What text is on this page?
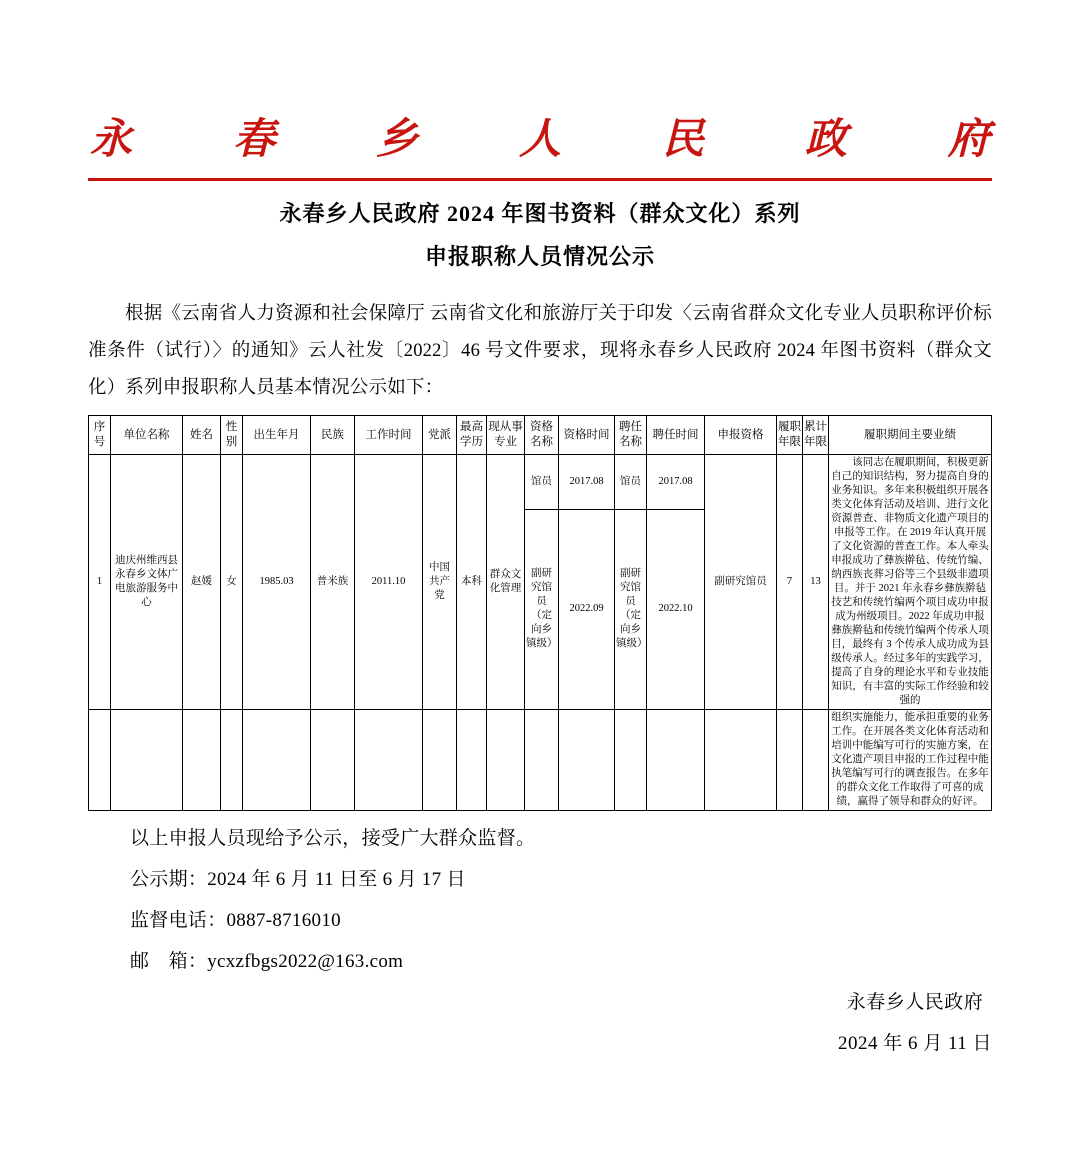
永 春 乡 人 民 政 府
永春乡人民政府 2024 年图书资料（群众文化）系列
申报职称人员情况公示
根据《云南省人力资源和社会保障厅 云南省文化和旅游厅关于印发〈云南省群众文化专业人员职称评价标准条件（试行）〉的通知》云人社发〔2022〕46 号文件要求，现将永春乡人民政府 2024 年图书资料（群众文化）系列申报职称人员基本情况公示如下：
序号	单位名称	姓名	性别	出生年月	民族	工作时间	党派	最高学历	现从事专业	资格名称	资格时间	聘任名称	聘任时间	申报资格	履职年限	累计年限	履职期间主要业绩
1	迪庆州维西县永春乡文体广电旅游服务中心	赵媛	女	1985.03	普米族	2011.10	中国共产党	本科	群众文化管理	馆员	2017.08	馆员	2017.08	副研究馆员	7	13	该同志在履职期间，积极更新自己的知识结构，努力提高自身的业务知识。多年来积极组织开展各类文化体育活动及培训、进行文化资源普查、非物质文化遗产项目的申报等工作。在 2019 年认真开展了文化资源的普查工作。本人牵头申报成功了彝族擀毡、传统竹编、纳西族丧葬习俗等三个县级非遗项目。并于 2021 年永春乡彝族擀毡技艺和传统竹编两个项目成功申报成为州级项目。2022 年成功申报彝族擀毡和传统竹编两个传承人项目，最终有 3 个传承人成功成为县级传承人。经过多年的实践学习，提高了自身的理论水平和专业技能知识，有丰富的实际工作经验和较强的
										副研究馆员（定向乡镇级）	2022.09	副研究馆员（定向乡镇级）	2022.10				
																	组织实施能力，能承担重要的业务工作。在开展各类文化体育活动和培训中能编写可行的实施方案，在文化遗产项目申报的工作过程中能执笔编写可行的调查报告。在多年的群众文化工作取得了可喜的成绩，赢得了领导和群众的好评。
以上申报人员现给予公示，接受广大群众监督。
公示期：2024 年 6 月 11 日至 6 月 17 日
监督电话：0887-8716010
邮　箱：ycxzfbgs2022@163.com
永春乡人民政府
2024 年 6 月 11 日
